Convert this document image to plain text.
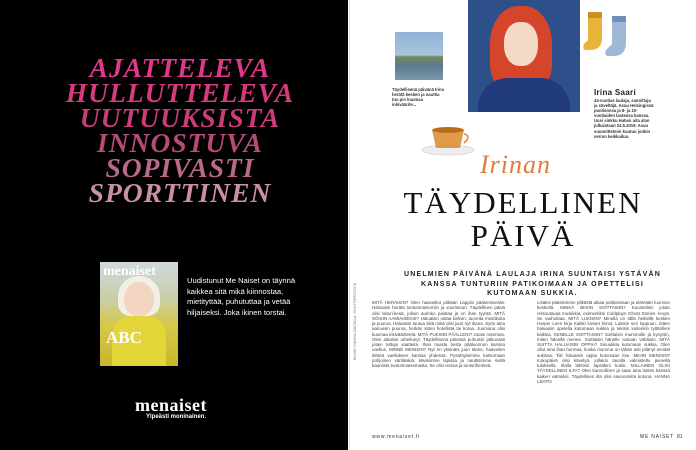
AJATTELEVA
HULLUTTELEVA
UUTUUKSISTA
INNOSTUVA
SOPIVASTI
SPORTTINEN
menaiset
ABC
Uudistunut Me Naiset on täynnä kaikkea sitä mikä kiinnostaa, mietityttää, puhututtaa ja vetää hiljaiseksi. Joka ikinen torstai.
menaiset
Ylpeästi moninainen.
Täydellisenä päivänä Irina herätä kesken ja nauttia tuu pin kuumaa inkiväärite...
Irina Saari
44-vuotias laulaja, sanoittaja ja säveltäjä. Asuu Helsingissä puolisonsa ja 8- ja 10-vuotiaiden lastensa kanssa. Uusi sinkku Hatusi aita alan julkaistaan 24.5.2019. Asuu suunnittelmin kuutuu jonkin verran keikkailua.
Irinan
TÄYDELLINEN
PÄIVÄ
UNELMIEN PÄIVÄNÄ LAULAJA IRINA SUUNTAISI YSTÄVÄN KANSSA TUNTURIIN PATIKOIMAAN JA OPETTELISI KUTOMAAN SUKKIA.
MITÄ HERÄISIN? Olen haaveillut pitkään Lappiin pääsemisestä. Haluaisin herätä tunturimaisemiin ja vuoristoon. Täydellinen päivä olisi laituri-kesä, jolloin aurinko paistaa ja on ihan tyyntä. MITÄ SÖISIN AAMIAISEKSI? Haluaisin ostaa kahvin, tuoreita mustikoita ja puuroa. Haluaisin tuutua siitä mikä olisi juuri nyt ihana. Syön aina aamuisin puuroa, herkän sitten hotellista tai kotoa. Juomana olisi kuumaa inkivääriteetä. MITÄ PUKISIN PÄÄLLENI? Jotain rosentoa. Olen aikaisin urheilunyt. Täydellisenä päivänä puhuisin jatkuvasti jotain tuttuja vaatteita. Ihan muista tuista pääluonnon kanssa vaellus. MINNE MENISIN? Nyt en yksinäni juuri tänne, haaveilen lähteä vaelluksen kanssa yhdessä. Pysähtyisimme katsomaan pohjoisen väriläiskiä, kävisimme lapissa ja nauttisimme siellä kauniista tunturimaisemasta. Se olisi rentoa ja tunturihenkeä.
Lisäksi pääsisimme pitkästä aikaa patikoimaan ja elämään luonnon keskellä. MINKÄ BIISIN SOITTAISIN? Kuuntelisin jotain rentoutavaa musiikkia, esimerkiksi Coldplayn Ghost Stories -levyä. Se rauhoittaa. MITÄ LUKISIN? Minulla on tällä hetkellä kesken Harper Leen kirja Kaikki kiviset linnut. Lukisin sen loppuun. Sitten haluaisin opetella kutomaan sukkia ja tekisin kuitenkin tyttärilleni kaikkia. KENELLE SOITTAISIN? Soittaisin mummolle ja kysyisin, miten hänellä menee. Soittaisin hänelle tosiaan vähäisin. MITÄ SUITTA HALUAISIN OPPIA? Sinuukkia kutomaan sukkia. Olen ollut aina ihan hurmaa, koska mumma on tähän asti pitänyt meidät sukissa. Tiiti haluaisin oppia kutomaan itse. MIHIN MENISIN? Kokopäivä olisi kävelyä, jollakin tavalla valmisteltu pienellä tuluksella. Illalla lähtisin lapsilleni kotiin. MILLAINEN OLISI TÄYDELLINEN ILTA? Olen kunnollinen ja saan aina lasten kanssa kaiken valmiiksi. Täydellinen ilta olisi saunomista kotona. HANNA LEHTO
KUVAT HANNA SANTALA, SHUTTERSTOCK
www.menaiset.fi	ME NAISET 81
